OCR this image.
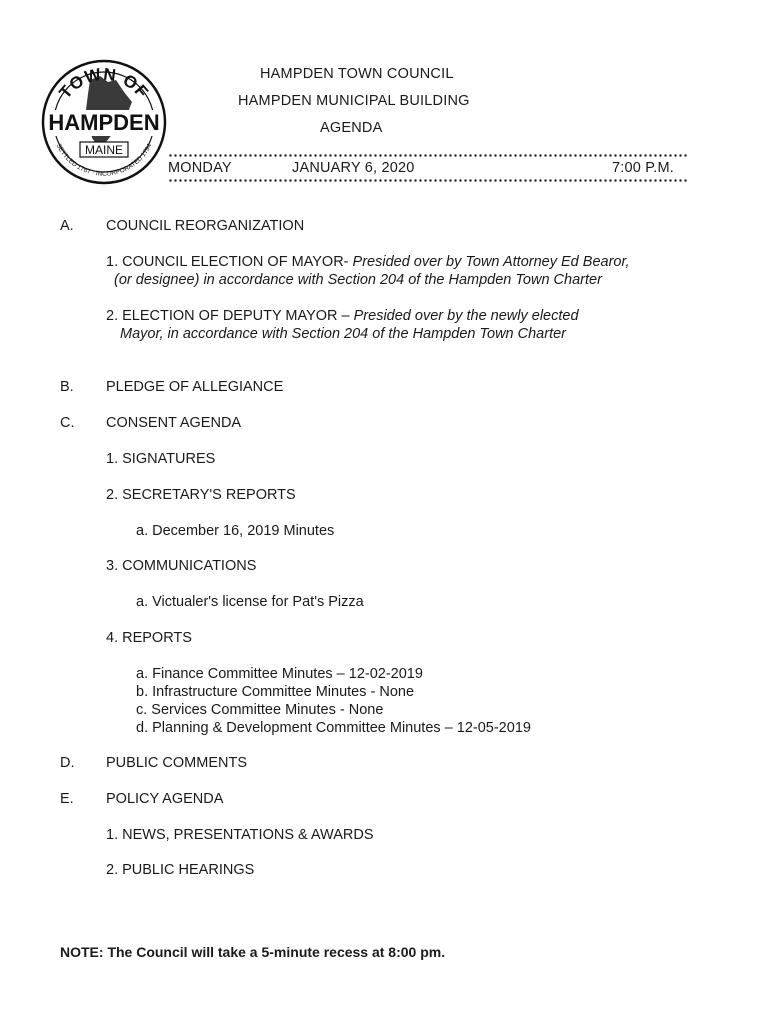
TOWN OF
HAMPDEN
MAINE
SETTLED 1767 · INCORPORATED 1794
HAMPDEN TOWN COUNCIL
HAMPDEN MUNICIPAL BUILDING
AGENDA
MONDAY	JANUARY 6, 2020	7:00 P.M.
A. COUNCIL REORGANIZATION
1. COUNCIL ELECTION OF MAYOR- Presided over by Town Attorney Ed Bearor,
(or designee) in accordance with Section 204 of the Hampden Town Charter
2. ELECTION OF DEPUTY MAYOR – Presided over by the newly elected
Mayor, in accordance with Section 204 of the Hampden Town Charter
B. PLEDGE OF ALLEGIANCE
C. CONSENT AGENDA
1. SIGNATURES
2. SECRETARY'S REPORTS
a. December 16, 2019 Minutes
3. COMMUNICATIONS
a. Victualer's license for Pat's Pizza
4. REPORTS
a. Finance Committee Minutes – 12-02-2019
b. Infrastructure Committee Minutes - None
c. Services Committee Minutes - None
d. Planning & Development Committee Minutes – 12-05-2019
D. PUBLIC COMMENTS
E. POLICY AGENDA
1. NEWS, PRESENTATIONS & AWARDS
2. PUBLIC HEARINGS
NOTE: The Council will take a 5-minute recess at 8:00 pm.
